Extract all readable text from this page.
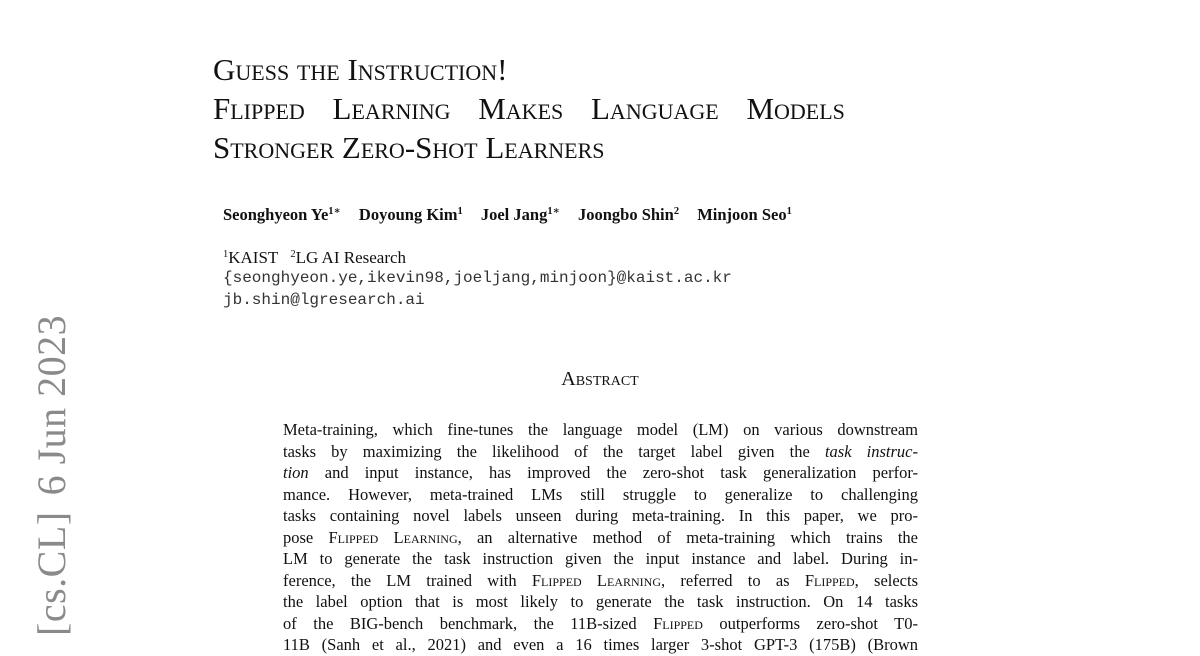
[cs.CL]6 Jun 2023
Guess the Instruction!
Flipped Learning Makes Language Models
Stronger Zero-Shot Learners
Seonghyeon $Ye^{1∗}$ Doyoung Kim$^1$ Joel Jang$^{1∗}$ Joongbo Shin$^2$ Minjoon Seo$^1$
$^1$KAIST $^2$LG AI Research
{seonghyeon.ye,ikevin98,joeljang,minjoon}@kaist.ac.kr
jb.shin@lgresearch.ai
Abstract
Meta-training, which fine-tunes the language model (LM) on various downstream
tasks by maximizing the likelihood of the target label given the task instruc-
tion and input instance, has improved the zero-shot task generalization perfor-
mance. However, meta-trained LMs still struggle to generalize to challenging
tasks containing novel labels unseen during meta-training. In this paper, we pro-
pose Flipped Learning, an alternative method of meta-training which trains the
LM to generate the task instruction given the input instance and label. During in-
ference, the LM trained with Flipped Learning, referred to as Flipped, selects
the label option that is most likely to generate the task instruction. On 14 tasks
of the BIG-bench benchmark, the 11B-sized Flipped outperforms zero-shot T0-
11B (Sanh et al., 2021) and even a 16 times larger 3-shot GPT-3 (175B) (Brown
